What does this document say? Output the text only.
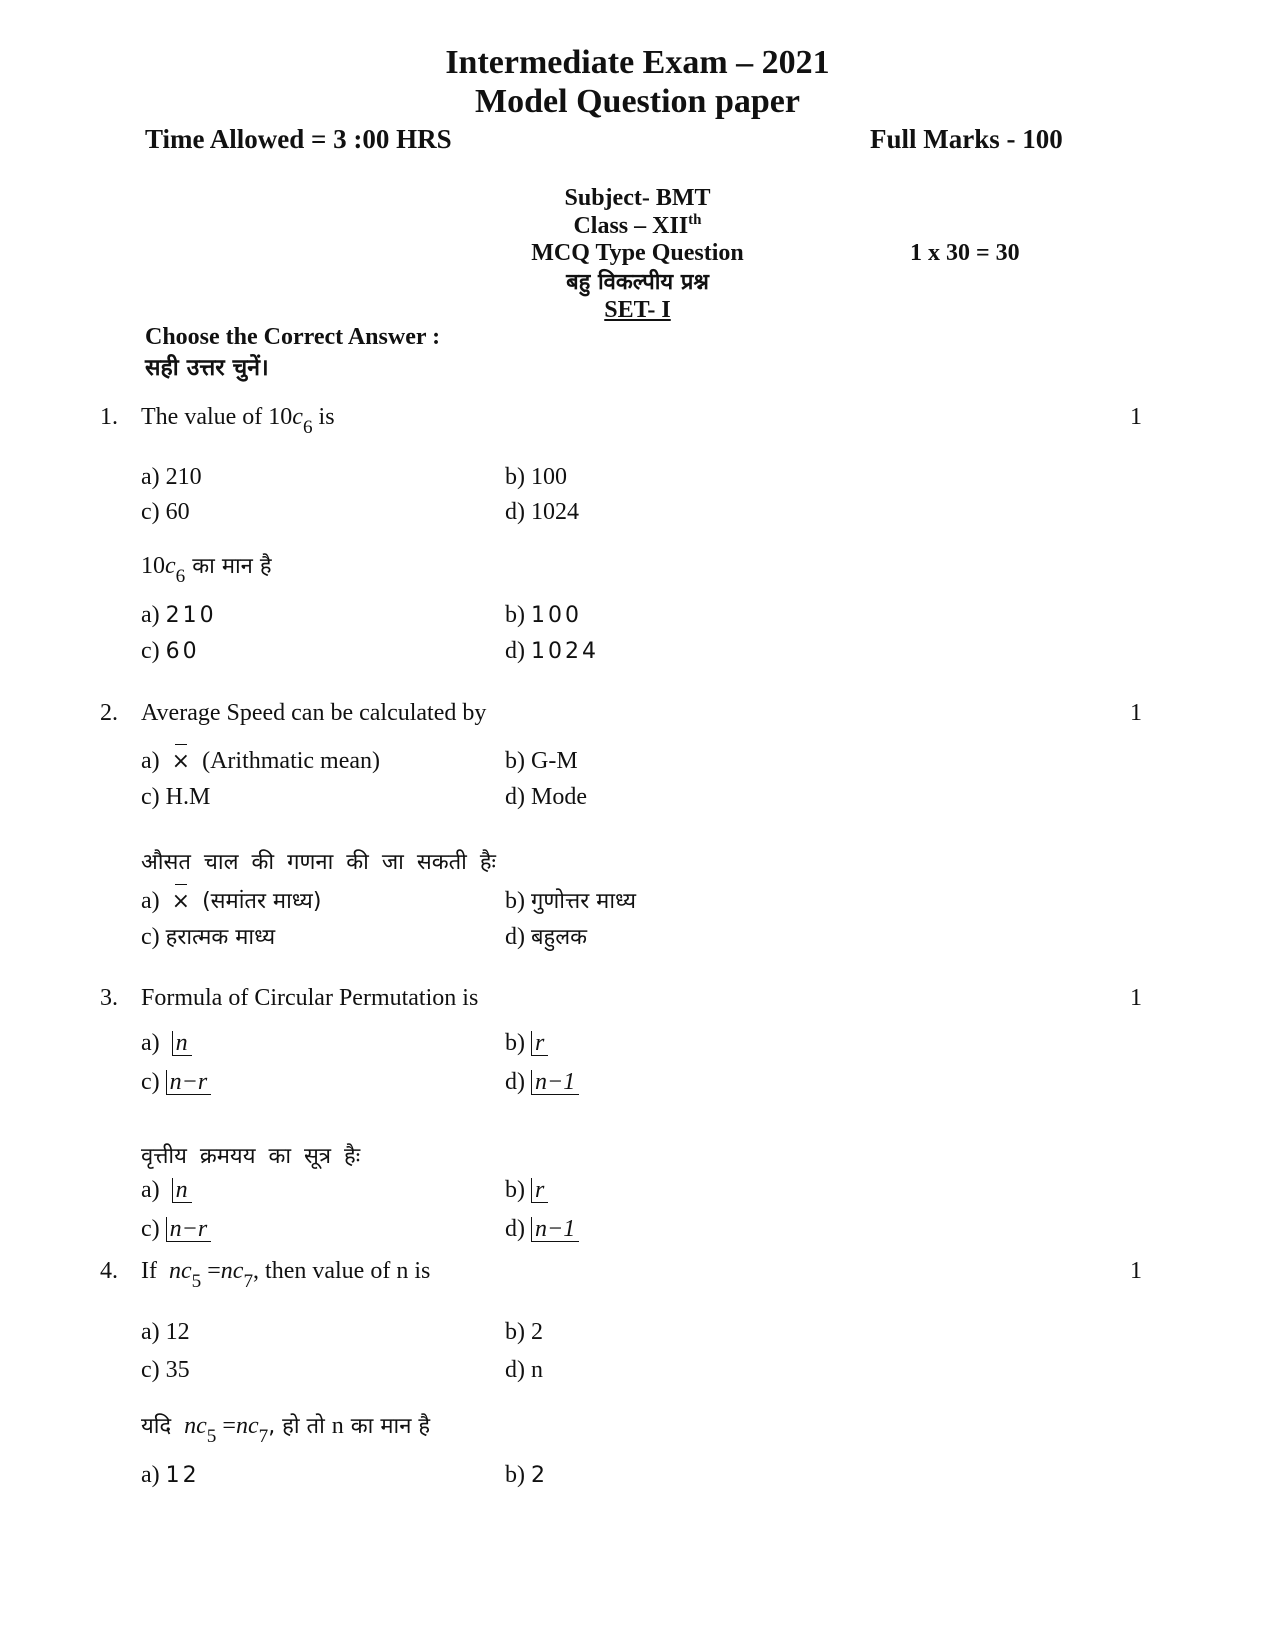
Intermediate Exam – 2021
Model Question paper
Time Allowed = 3 :00 HRS	Full Marks - 100
Subject- BMT
Class – XIIth
MCQ Type Question	1 x 30 = 30
बहु विकल्पीय प्रश्न
SET- I
Choose the Correct Answer :
सही उत्तर चुनें।
1. The value of $10c_6$ is	1
a) 210	b) 100
c) 60	d) 1024
$10c_6$ का मान है
a) 210	b) 100
c) 60	d) 1024
2. Average Speed can be calculated by	1
a) × (Arithmatic mean)	b) G-M
c) H.M	d) Mode
औसत चाल की गणना की जा सकती हैः
a) × (समांतर माध्य)	b) गुणोत्तर माध्य
c) हरात्मक माध्य	d) बहुलक
3. Formula of Circular Permutation is	1
a) n	b) r
c) n−r	d) n−1
वृत्तीय क्रमयय का सूत्र हैः
a) n	b) r
c) n−r	d) n−1
4. If  $nc_5 =nc_7$, then value of n is	1
a) 12	b) 2
c) 35	d) n
यदि  $nc_5 =nc_7$, हो तो n का मान है
a) 12	b) 2
